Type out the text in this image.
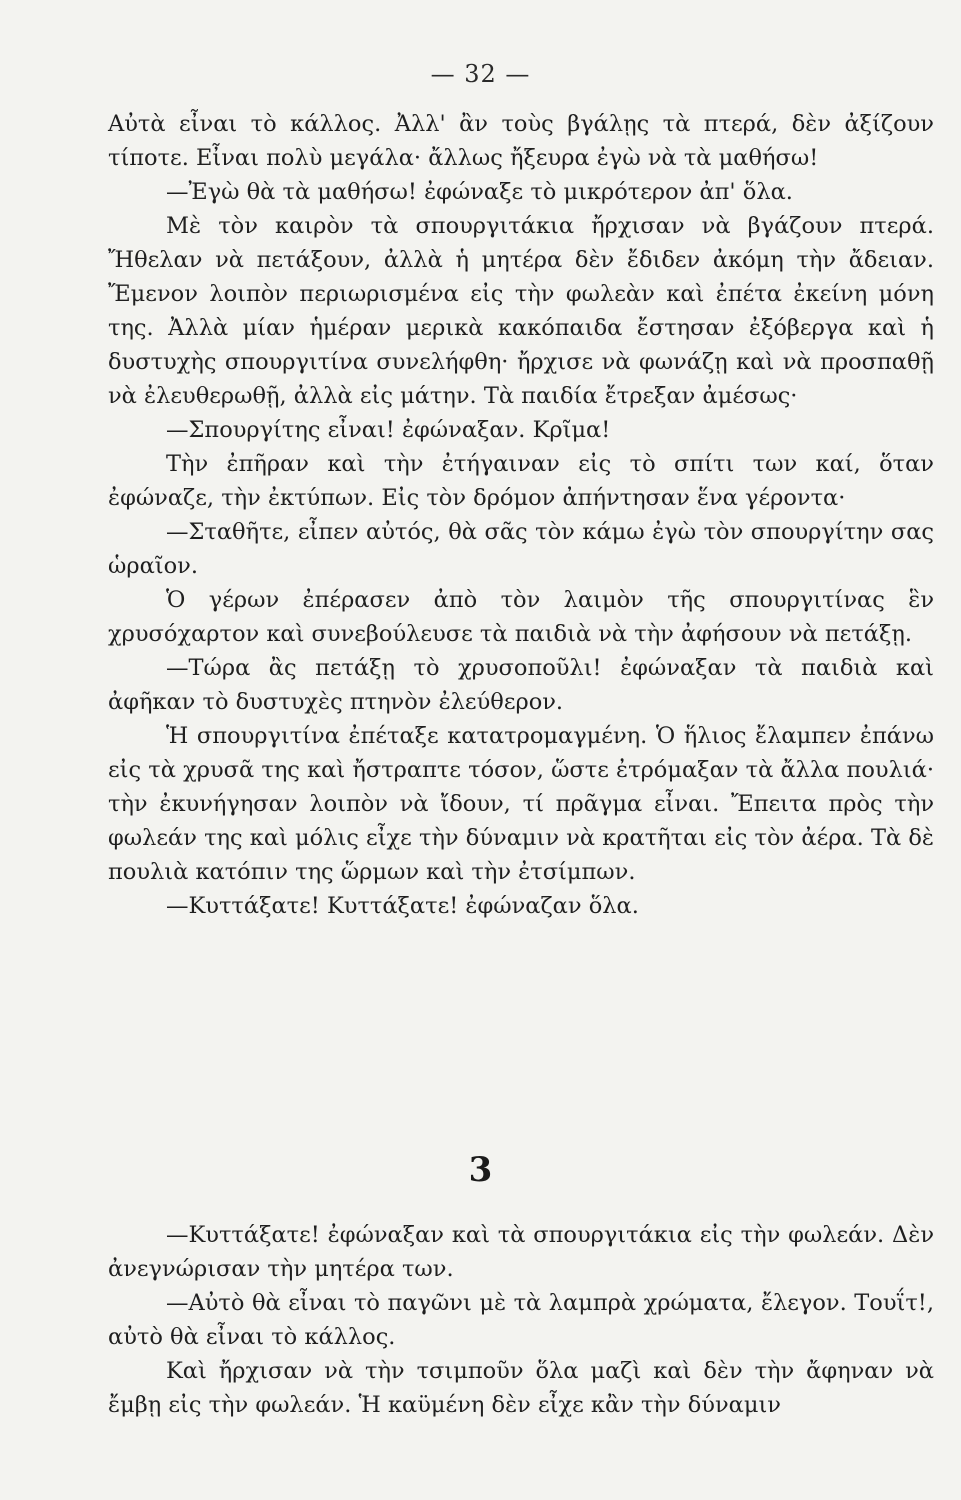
— 32 —

Αὐτὰ εἶναι τὸ κάλλος. Ἀλλ' ἂν τοὺς βγάλῃς τὰ πτερά, δὲν ἀξίζουν τίποτε. Εἶναι πολὺ μεγάλα· ἄλλως ἤξευρα ἐγὼ νὰ τὰ μαθήσω!

—Ἐγὼ θὰ τὰ μαθήσω! ἐφώναξε τὸ μικρότερον ἀπ' ὅλα.

Μὲ τὸν καιρὸν τὰ σπουργιτάκια ἤρχισαν νὰ βγάζουν πτερά. Ἤθελαν νὰ πετάξουν, ἀλλὰ ἡ μητέρα δὲν ἔδιδεν ἀκόμη τὴν ἄδειαν. Ἔμενον λοιπὸν περιωρισμένα εἰς τὴν φωλεὰν καὶ ἐπέτα ἐκείνη μόνη της. Ἀλλὰ μίαν ἡμέραν μερικὰ κακόπαιδα ἔστησαν ἐξόβεργα καὶ ἡ δυστυχὴς σπουργιτίνα συνελήφθη· ἤρχισε νὰ φωνάζῃ καὶ νὰ προσπαθῇ νὰ ἐλευθερωθῇ, ἀλλὰ εἰς μάτην. Τὰ παιδία ἔτρεξαν ἀμέσως·

—Σπουργίτης εἶναι! ἐφώναξαν. Κρῖμα!

Τὴν ἐπῆραν καὶ τὴν ἐτήγαιναν εἰς τὸ σπίτι των καί, ὅταν ἐφώναζε, τὴν ἐκτύπων. Εἰς τὸν δρόμον ἀπήντησαν ἕνα γέροντα·

—Σταθῆτε, εἶπεν αὐτός, θὰ σᾶς τὸν κάμω ἐγὼ τὸν σπουργίτην σας ὡραῖον.

Ὁ γέρων ἐπέρασεν ἀπὸ τὸν λαιμὸν τῆς σπουργιτίνας ἓν χρυσόχαρτον καὶ συνεβούλευσε τὰ παιδιὰ νὰ τὴν ἀφήσουν νὰ πετάξῃ.

—Τώρα ἂς πετάξῃ τὸ χρυσοποῦλι! ἐφώναξαν τὰ παιδιὰ καὶ ἀφῆκαν τὸ δυστυχὲς πτηνὸν ἐλεύθερον.

Ἡ σπουργιτίνα ἐπέταξε κατατρομαγμένη. Ὁ ἥλιος ἔλαμπεν ἐπάνω εἰς τὰ χρυσᾶ της καὶ ἤστραπτε τόσον, ὥστε ἐτρόμαξαν τὰ ἄλλα πουλιά· τὴν ἐκυνήγησαν λοιπὸν νὰ ἴδουν, τί πρᾶγμα εἶναι. Ἔπειτα πρὸς τὴν φωλεάν της καὶ μόλις εἶχε τὴν δύναμιν νὰ κρατῆται εἰς τὸν ἀέρα. Τὰ δὲ πουλιὰ κατόπιν της ὥρμων καὶ τὴν ἐτσίμπων.

—Κυττάξατε! Κυττάξατε! ἐφώναζαν ὅλα.

3

—Κυττάξατε! ἐφώναξαν καὶ τὰ σπουργιτάκια εἰς τὴν φωλεάν. Δὲν ἀνεγνώρισαν τὴν μητέρα των.

—Αὐτὸ θὰ εἶναι τὸ παγῶνι μὲ τὰ λαμπρὰ χρώματα, ἔλεγον. Τουΐτ!, αὐτὸ θὰ εἶναι τὸ κάλλος.

Καὶ ἤρχισαν νὰ τὴν τσιμποῦν ὅλα μαζὶ καὶ δὲν τὴν ἄφηναν νὰ ἔμβῃ εἰς τὴν φωλεάν. Ἡ καϋμένη δὲν εἶχε κἂν τὴν δύναμιν
